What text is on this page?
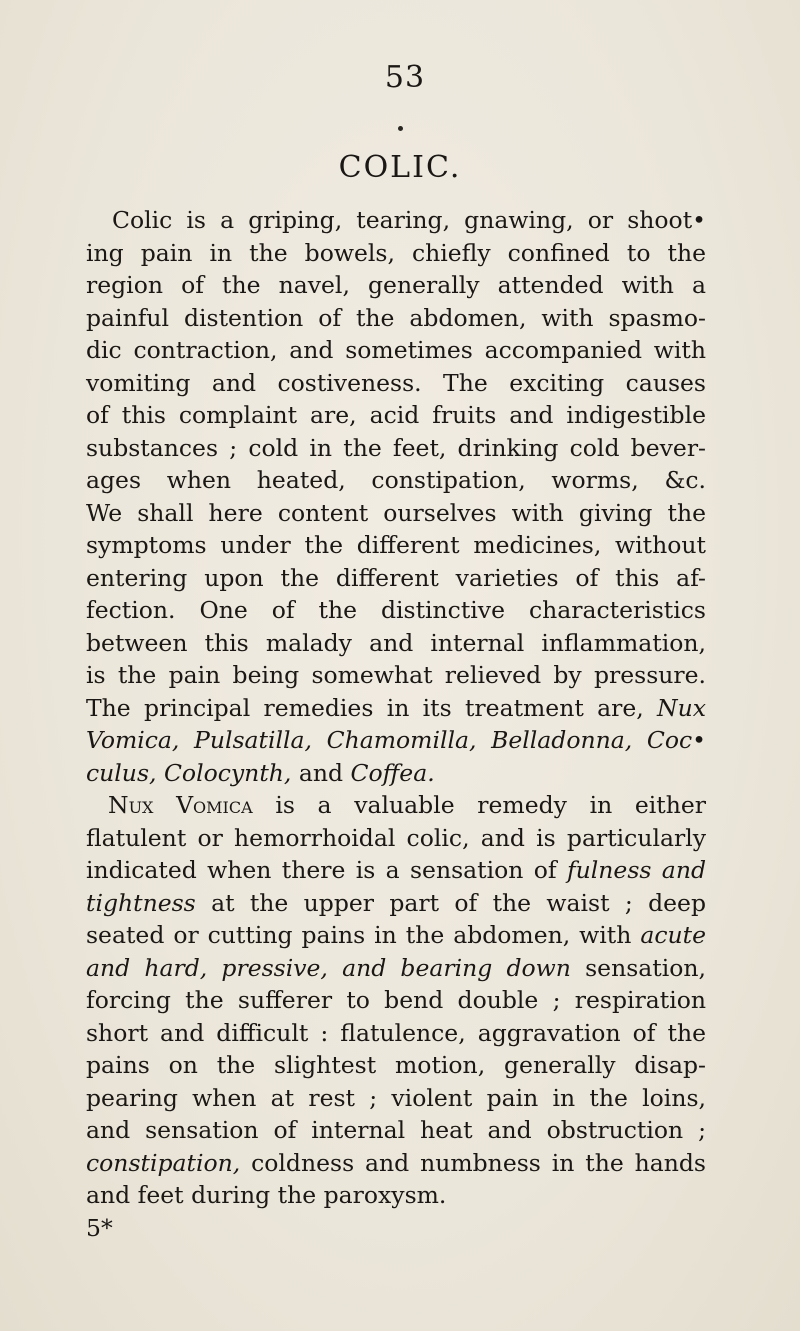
53
COLIC.
Colic is a griping, tearing, gnawing, or shoot•
ing pain in the bowels, chiefly confined to the
region of the navel, generally attended with a
painful distention of the abdomen, with spasmo-
dic contraction, and sometimes accompanied with
vomiting and costiveness. The exciting causes
of this complaint are, acid fruits and indigestible
substances ; cold in the feet, drinking cold bever-
ages when heated, constipation, worms, &c.
We shall here content ourselves with giving the
symptoms under the different medicines, without
entering upon the different varieties of this af-
fection. One of the distinctive characteristics
between this malady and internal inflammation,
is the pain being somewhat relieved by pressure.
The principal remedies in its treatment are, Nux
Vomica, Pulsatilla, Chamomilla, Belladonna, Coc•
culus, Colocynth, and Coffea.
Nux Vomica is a valuable remedy in either
flatulent or hemorrhoidal colic, and is particularly
indicated when there is a sensation of fulness and
tightness at the upper part of the waist ; deep
seated or cutting pains in the abdomen, with acute
and hard, pressive, and bearing down sensation,
forcing the sufferer to bend double ; respiration
short and difficult : flatulence, aggravation of the
pains on the slightest motion, generally disap-
pearing when at rest ; violent pain in the loins,
and sensation of internal heat and obstruction ;
constipation, coldness and numbness in the hands
and feet during the paroxysm.
5*
